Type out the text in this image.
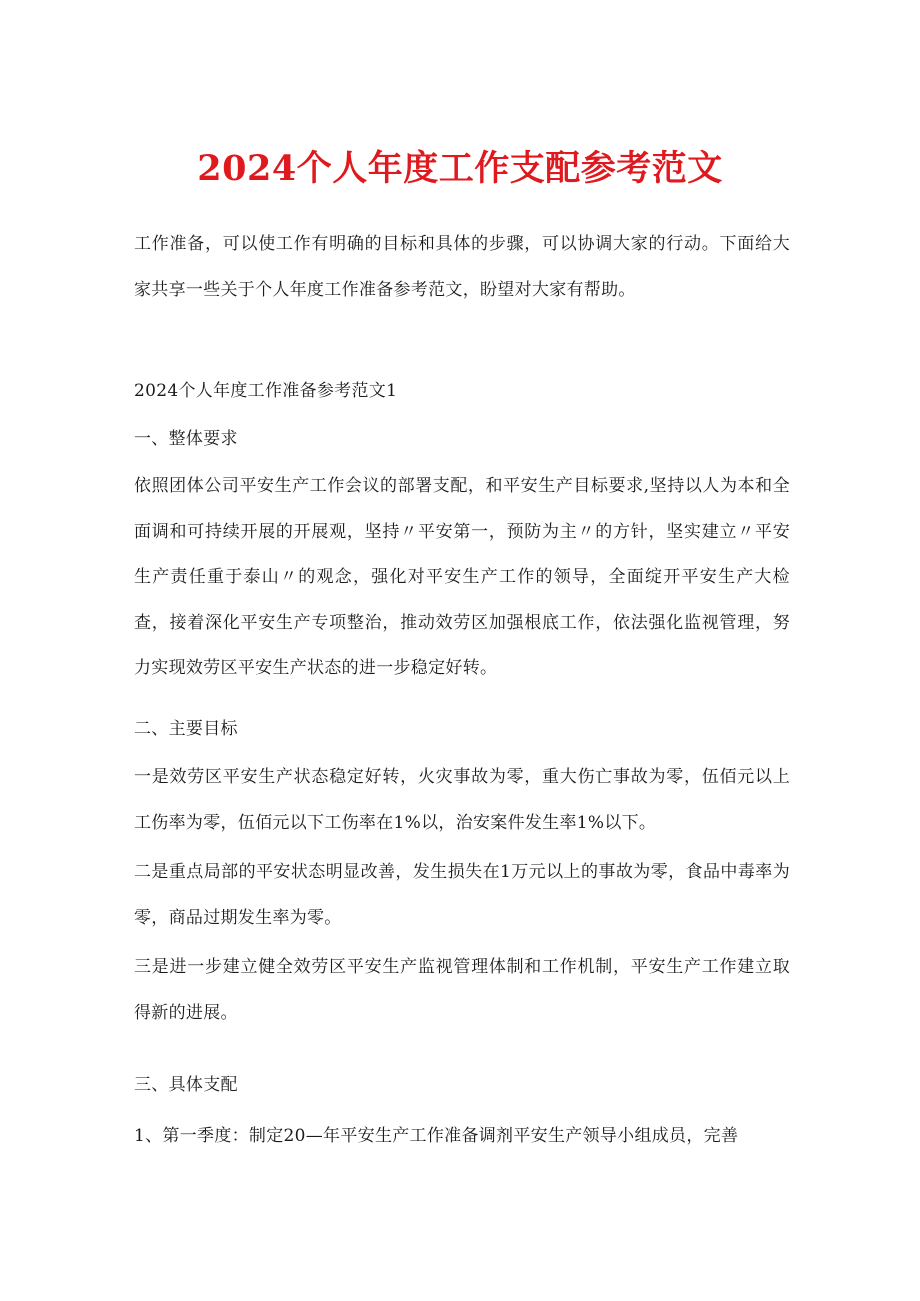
2024个人年度工作支配参考范文
工作准备，可以使工作有明确的目标和具体的步骤，可以协调大家的行动。下面给大家共享一些关于个人年度工作准备参考范文，盼望对大家有帮助。
2024个人年度工作准备参考范文1
一、整体要求
依照团体公司平安生产工作会议的部署支配，和平安生产目标要求,坚持以人为本和全面调和可持续开展的开展观，坚持〃平安第一，预防为主〃的方针，坚实建立〃平安生产责任重于泰山〃的观念，强化对平安生产工作的领导，全面绽开平安生产大检查，接着深化平安生产专项整治，推动效劳区加强根底工作，依法强化监视管理，努力实现效劳区平安生产状态的进一步稳定好转。
二、主要目标
一是效劳区平安生产状态稳定好转，火灾事故为零，重大伤亡事故为零，伍佰元以上工伤率为零，伍佰元以下工伤率在1%以，治安案件发生率1%以下。
二是重点局部的平安状态明显改善，发生损失在1万元以上的事故为零，食品中毒率为零，商品过期发生率为零。
三是进一步建立健全效劳区平安生产监视管理体制和工作机制，平安生产工作建立取得新的进展。
三、具体支配
1、第一季度：制定20—年平安生产工作准备调剂平安生产领导小组成员，完善
